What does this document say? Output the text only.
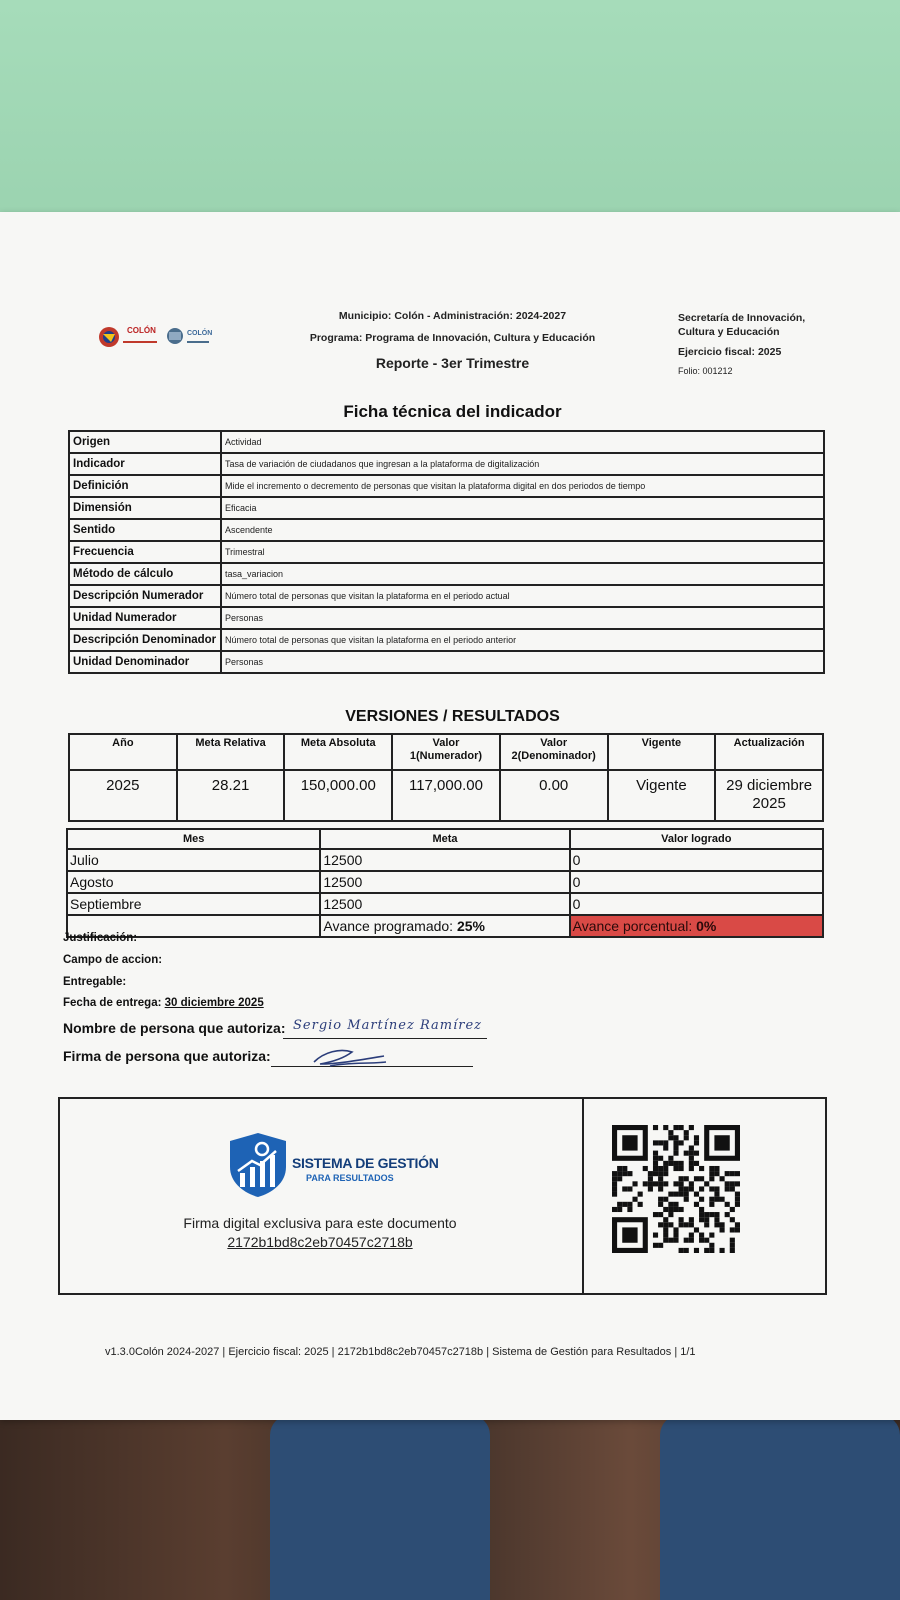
COLÓN	COLÓN
Municipio: Colón - Administración: 2024-2027
Programa: Programa de Innovación, Cultura y Educación
Reporte - 3er Trimestre
Secretaría de Innovación,
Cultura y Educación
Ejercicio fiscal: 2025
Folio: 001212
Ficha técnica del indicador
Origen	Actividad
Indicador	Tasa de variación de ciudadanos que ingresan a la plataforma de digitalización
Definición	Mide el incremento o decremento de personas que visitan la plataforma digital en dos periodos de tiempo
Dimensión	Eficacia
Sentido	Ascendente
Frecuencia	Trimestral
Método de cálculo	tasa_variacion
Descripción Numerador	Número total de personas que visitan la plataforma en el periodo actual
Unidad Numerador	Personas
Descripción Denominador	Número total de personas que visitan la plataforma en el periodo anterior
Unidad Denominador	Personas
VERSIONES / RESULTADOS
Año	Meta Relativa	Meta Absoluta	Valor 1(Numerador)	Valor 2(Denominador)	Vigente	Actualización
2025	28.21	150,000.00	117,000.00	0.00	Vigente	29 diciembre 2025
Mes	Meta	Valor logrado
Julio	12500	0
Agosto	12500	0
Septiembre	12500	0
	Avance programado: 25%	Avance porcentual: 0%
Justificación:
Campo de accion:
Entregable:
Fecha de entrega: 30 diciembre 2025
Nombre de persona que autoriza: Sergio Martínez Ramírez
Firma de persona que autoriza:
SISTEMA DE GESTIÓN
PARA RESULTADOS
Firma digital exclusiva para este documento
2172b1bd8c2eb70457c2718b
v1.3.0Colón 2024-2027 | Ejercicio fiscal: 2025 | 2172b1bd8c2eb70457c2718b | Sistema de Gestión para Resultados | 1/1
